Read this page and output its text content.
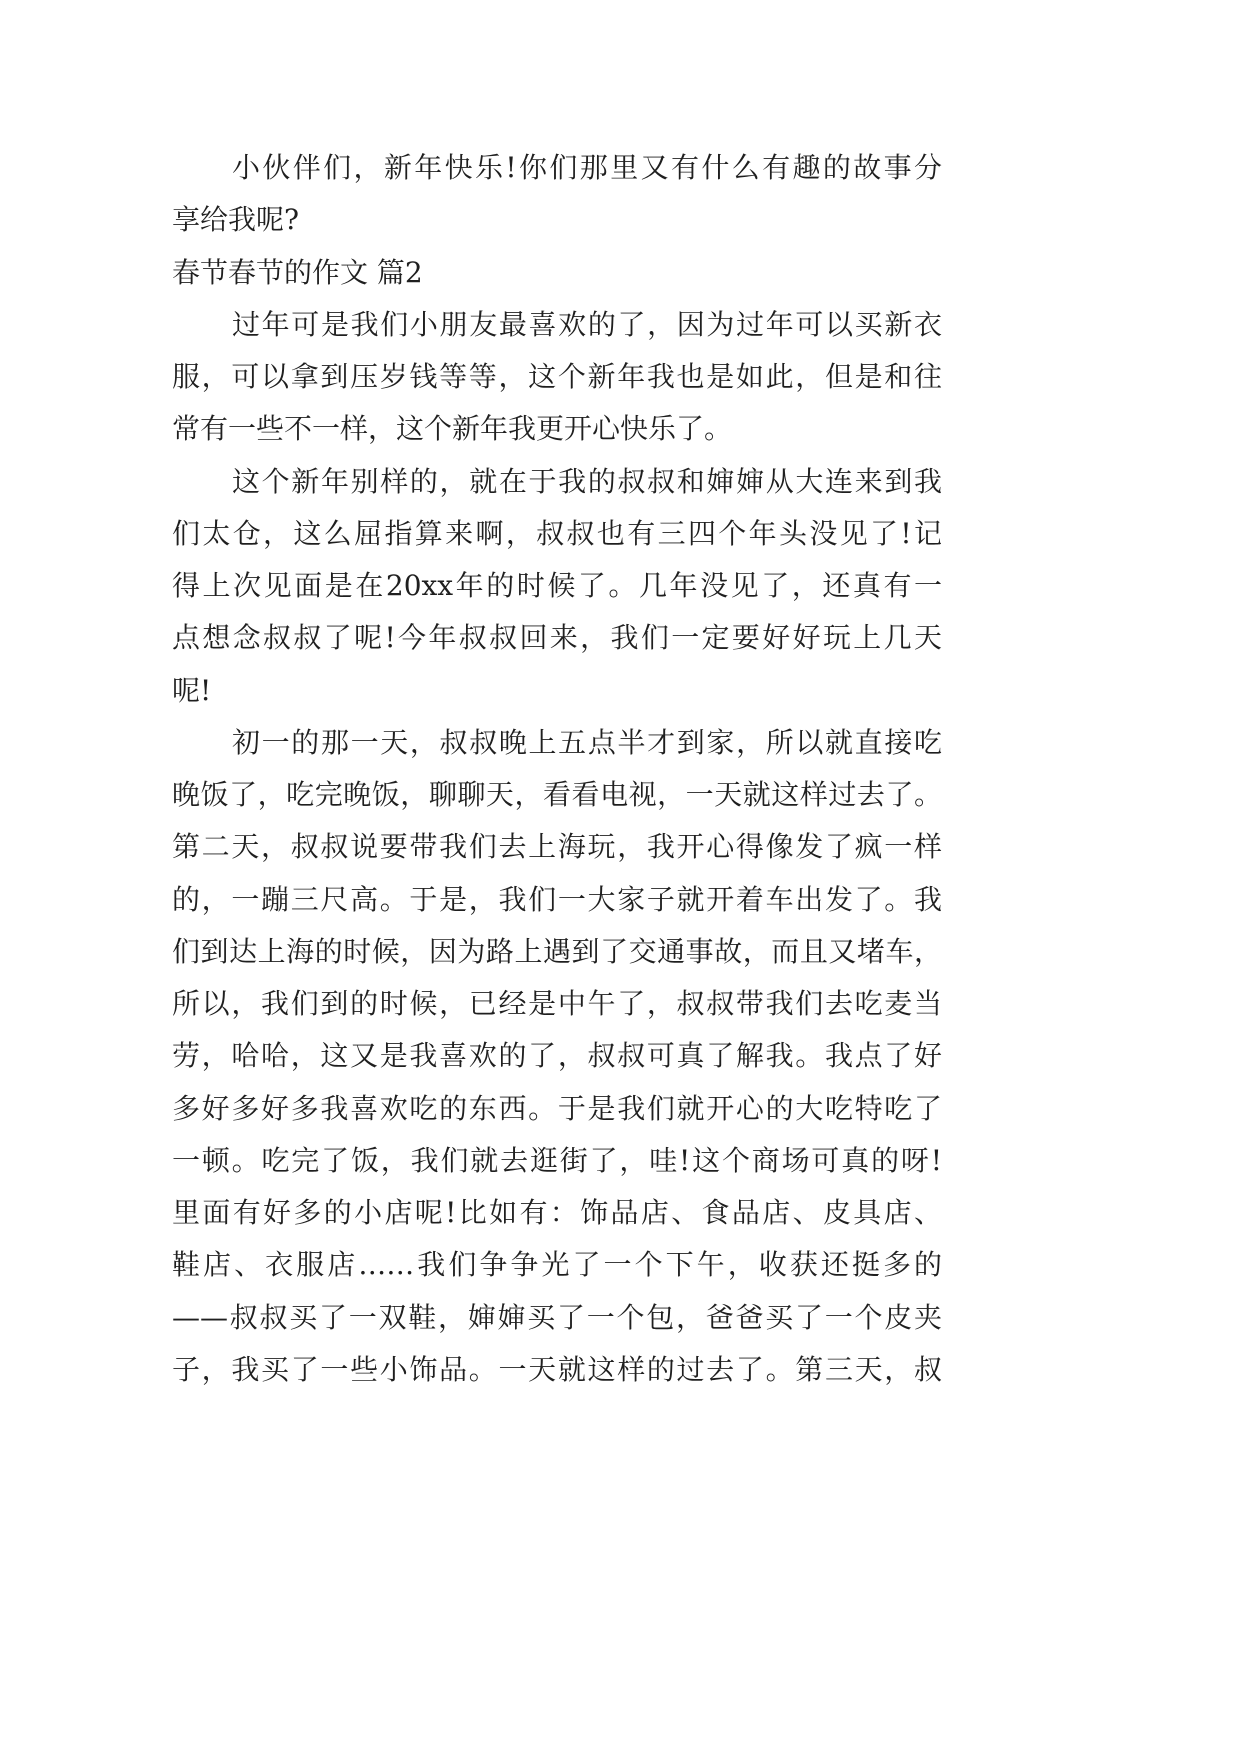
小伙伴们，新年快乐!你们那里又有什么有趣的故事分
享给我呢?
春节春节的作文 篇2
过年可是我们小朋友最喜欢的了，因为过年可以买新衣
服，可以拿到压岁钱等等，这个新年我也是如此，但是和往
常有一些不一样，这个新年我更开心快乐了。
这个新年别样的，就在于我的叔叔和婶婶从大连来到我
们太仓，这么屈指算来啊，叔叔也有三四个年头没见了!记
得上次见面是在20xx年的时候了。几年没见了，还真有一
点想念叔叔了呢!今年叔叔回来，我们一定要好好玩上几天
呢!
初一的那一天，叔叔晚上五点半才到家，所以就直接吃
晚饭了，吃完晚饭，聊聊天，看看电视，一天就这样过去了。
第二天，叔叔说要带我们去上海玩，我开心得像发了疯一样
的，一蹦三尺高。于是，我们一大家子就开着车出发了。我
们到达上海的时候，因为路上遇到了交通事故，而且又堵车，
所以，我们到的时候，已经是中午了，叔叔带我们去吃麦当
劳，哈哈，这又是我喜欢的了，叔叔可真了解我。我点了好
多好多好多我喜欢吃的东西。于是我们就开心的大吃特吃了
一顿。吃完了饭，我们就去逛街了，哇!这个商场可真的呀!
里面有好多的小店呢!比如有：饰品店、食品店、皮具店、
鞋店、衣服店……我们争争光了一个下午，收获还挺多的
——叔叔买了一双鞋，婶婶买了一个包，爸爸买了一个皮夹
子，我买了一些小饰品。一天就这样的过去了。第三天，叔
